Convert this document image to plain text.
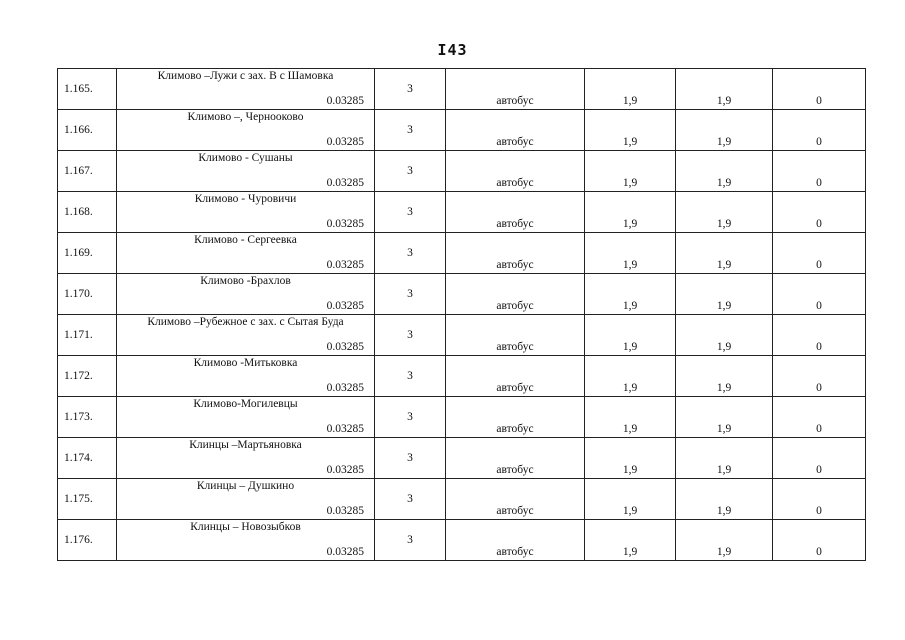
I43
1.165.	Климово –Лужи с зах. В с Шамовка	0.03285	3	автобус	1,9	1,9	0

1.166.	Климово –, Чернооково	0.03285	3	автобус	1,9	1,9	0

1.167.	Климово - Сушаны	0.03285	3	автобус	1,9	1,9	0

1.168.	Климово - Чуровичи	0.03285	3	автобус	1,9	1,9	0

1.169.	Климово - Сергеевка	0.03285	3	автобус	1,9	1,9	0

1.170.	Климово -Брахлов	0.03285	3	автобус	1,9	1,9	0

1.171.	Климово –Рубежное с зах. с Сытая Буда	0.03285	3	автобус	1,9	1,9	0

1.172.	Климово -Митьковка	0.03285	3	автобус	1,9	1,9	0

1.173.	Климово-Могилевцы	0.03285	3	автобус	1,9	1,9	0

1.174.	Клинцы –Мартьяновка	0.03285	3	автобус	1,9	1,9	0

1.175.	Клинцы – Душкино	0.03285	3	автобус	1,9	1,9	0

1.176.	Клинцы – Новозыбков	0.03285	3	автобус	1,9	1,9	0
